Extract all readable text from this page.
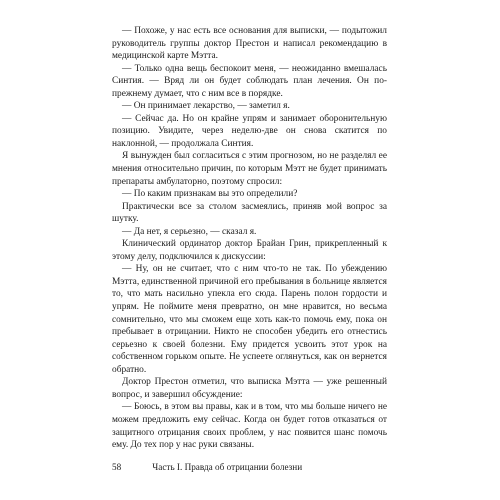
— Похоже, у нас есть все основания для выписки, — подытожил руководитель группы доктор Престон и написал рекомендацию в медицинской карте Мэтта.

— Только одна вещь беспокоит меня, — неожиданно вмешалась Синтия. — Вряд ли он будет соблюдать план лечения. Он по-прежнему думает, что с ним все в порядке.

— Он принимает лекарство, — заметил я.

— Сейчас да. Но он крайне упрям и занимает оборонительную позицию. Увидите, через неделю-две он снова скатится по наклонной, — продолжала Синтия.

Я вынужден был согласиться с этим прогнозом, но не разделял ее мнения относительно причин, по которым Мэтт не будет принимать препараты амбулаторно, поэтому спросил:

— По каким признакам вы это определили?

Практически все за столом засмеялись, приняв мой вопрос за шутку.

— Да нет, я серьезно, — сказал я.

Клинический ординатор доктор Брайан Грин, прикрепленный к этому делу, подключился к дискуссии:

— Ну, он не считает, что с ним что-то не так. По убеждению Мэтта, единственной причиной его пребывания в больнице является то, что мать насильно упекла его сюда. Парень полон гордости и упрям. Не поймите меня превратно, он мне нравится, но весьма сомнительно, что мы сможем еще хоть как-то помочь ему, пока он пребывает в отрицании. Никто не способен убедить его отнестись серьезно к своей болезни. Ему придется усвоить этот урок на собственном горьком опыте. Не успеете оглянуться, как он вернется обратно.

Доктор Престон отметил, что выписка Мэтта — уже решенный вопрос, и завершил обсуждение:

— Боюсь, в этом вы правы, как и в том, что мы больше ничего не можем предложить ему сейчас. Когда он будет готов отказаться от защитного отрицания своих проблем, у нас появится шанс помочь ему. До тех пор у нас руки связаны.

58	Часть I. Правда об отрицании болезни
